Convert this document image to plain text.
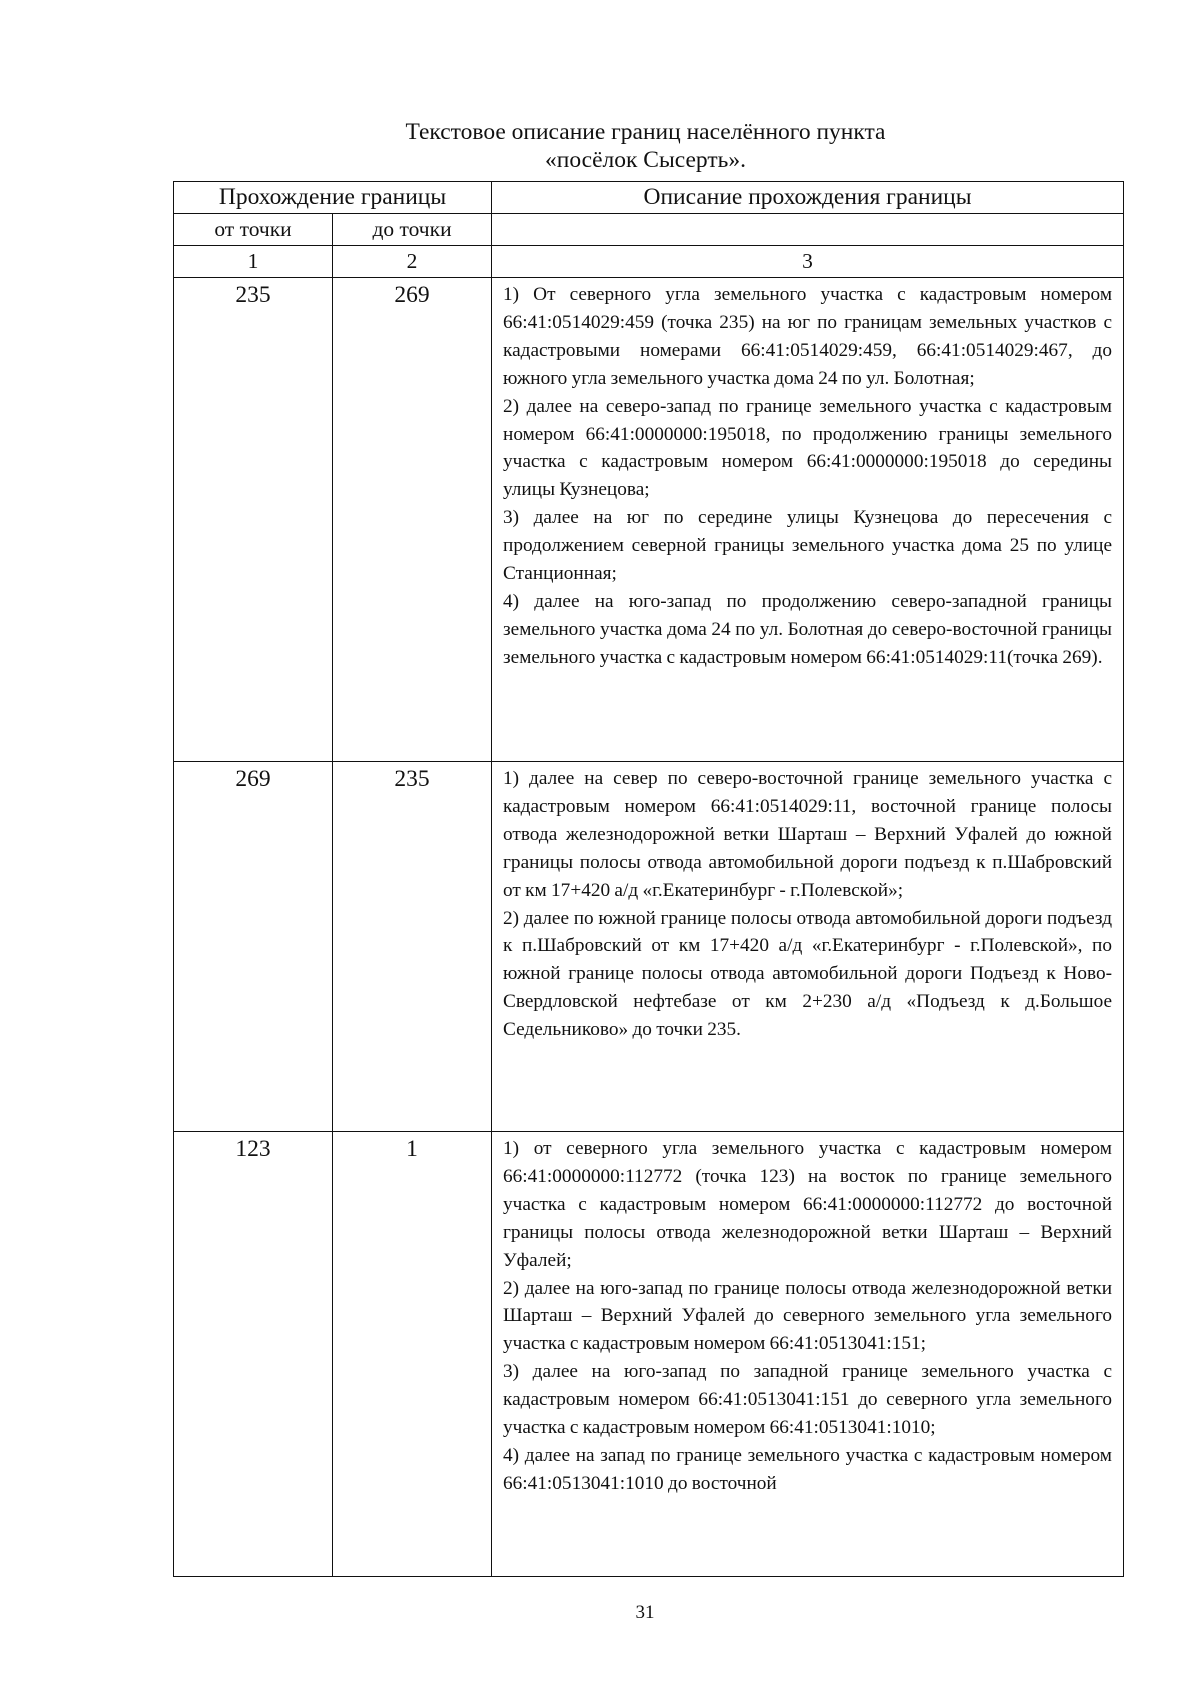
Текстовое описание границ населённого пункта
«посёлок Сысерть».
Прохождение границы		Описание прохождения границы
от точки	до точки	
1	2	3
235	269	1) От северного угла земельного участка с кадастровым номером 66:41:0514029:459 (точка 235) на юг по границам земельных участков с кадастровыми номерами 66:41:0514029:459, 66:41:0514029:467, до южного угла земельного участка дома 24 по ул. Болотная;

2) далее на северо-запад по границе земельного участка с кадастровым номером 66:41:0000000:195018, по продолжению границы земельного участка с кадастровым номером 66:41:0000000:195018 до середины улицы Кузнецова;

3) далее на юг по середине улицы Кузнецова до пересечения с продолжением северной границы земельного участка дома 25 по улице Станционная;

4) далее на юго-запад по продолжению северо-западной границы земельного участка дома 24 по ул. Болотная до северо-восточной границы земельного участка с кадастровым номером 66:41:0514029:11(точка 269).

269	235	1) далее на север по северо-восточной границе земельного участка с кадастровым номером 66:41:0514029:11, восточной границе полосы отвода железнодорожной ветки Шарташ – Верхний Уфалей до южной границы полосы отвода автомобильной дороги подъезд к п.Шабровский от км 17+420 а/д «г.Екатеринбург - г.Полевской»;

2) далее по южной границе полосы отвода автомобильной дороги подъезд к п.Шабровский от км 17+420 а/д «г.Екатеринбург - г.Полевской», по южной границе полосы отвода автомобильной дороги Подъезд к Ново-Свердловской нефтебазе от км 2+230 а/д «Подъезд к д.Большое Седельниково» до точки 235.

123	1	1) от северного угла земельного участка с кадастровым номером 66:41:0000000:112772 (точка 123) на восток по границе земельного участка с кадастровым номером 66:41:0000000:112772 до восточной границы полосы отвода железнодорожной ветки Шарташ – Верхний Уфалей;

2) далее на юго-запад по границе полосы отвода железнодорожной ветки Шарташ – Верхний Уфалей до северного земельного угла земельного участка с кадастровым номером 66:41:0513041:151;

3) далее на юго-запад по западной границе земельного участка с кадастровым номером 66:41:0513041:151 до северного угла земельного участка с кадастровым номером 66:41:0513041:1010;

4) далее на запад по границе земельного участка с кадастровым номером 66:41:0513041:1010 до восточной

31
